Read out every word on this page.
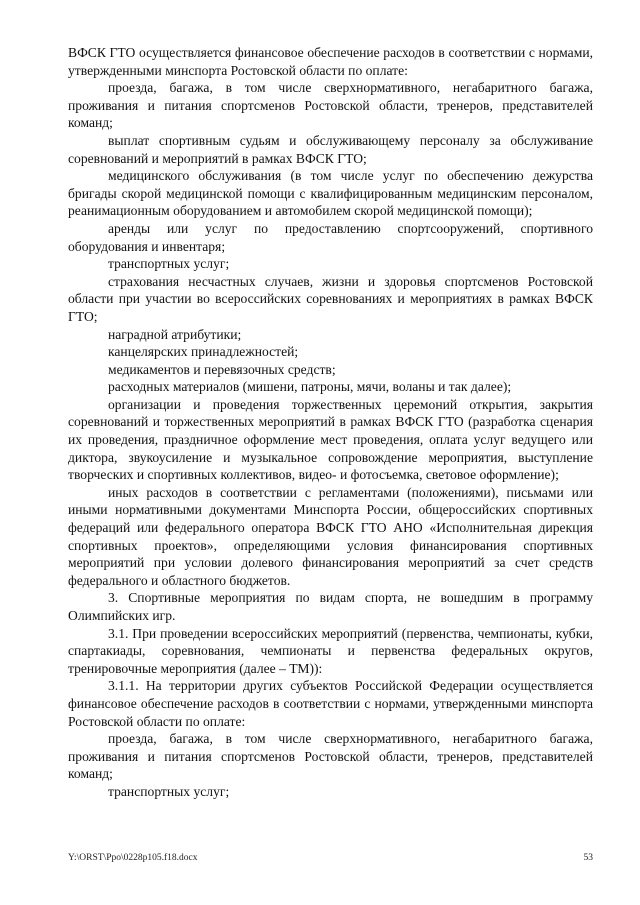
ВФСК ГТО осуществляется финансовое обеспечение расходов в соответствии с нормами, утвержденными минспорта Ростовской области по оплате:

проезда, багажа, в том числе сверхнормативного, негабаритного багажа, проживания и питания спортсменов Ростовской области, тренеров, представителей команд;

выплат спортивным судьям и обслуживающему персоналу за обслуживание соревнований и мероприятий в рамках ВФСК ГТО;

медицинского обслуживания (в том числе услуг по обеспечению дежурства бригады скорой медицинской помощи с квалифицированным медицинским персоналом, реанимационным оборудованием и автомобилем скорой медицинской помощи);

аренды или услуг по предоставлению спортсооружений, спортивного оборудования и инвентаря;

транспортных услуг;

страхования несчастных случаев, жизни и здоровья спортсменов Ростовской области при участии во всероссийских соревнованиях и мероприятиях в рамках ВФСК ГТО;

наградной атрибутики;

канцелярских принадлежностей;

медикаментов и перевязочных средств;

расходных материалов (мишени, патроны, мячи, воланы и так далее);

организации и проведения торжественных церемоний открытия, закрытия соревнований и торжественных мероприятий в рамках ВФСК ГТО (разработка сценария их проведения, праздничное оформление мест проведения, оплата услуг ведущего или диктора, звукоусиление и музыкальное сопровождение мероприятия, выступление творческих и спортивных коллективов, видео- и фотосъемка, световое оформление);

иных расходов в соответствии с регламентами (положениями), письмами или иными нормативными документами Минспорта России, общероссийских спортивных федераций или федерального оператора ВФСК ГТО АНО «Исполнительная дирекция спортивных проектов», определяющими условия финансирования спортивных мероприятий при условии долевого финансирования мероприятий за счет средств федерального и областного бюджетов.

3. Спортивные мероприятия по видам спорта, не вошедшим в программу Олимпийских игр.

3.1. При проведении всероссийских мероприятий (первенства, чемпионаты, кубки, спартакиады, соревнования, чемпионаты и первенства федеральных округов, тренировочные мероприятия (далее – ТМ)):

3.1.1. На территории других субъектов Российской Федерации осуществляется финансовое обеспечение расходов в соответствии с нормами, утвержденными минспорта Ростовской области по оплате:

проезда, багажа, в том числе сверхнормативного, негабаритного багажа, проживания и питания спортсменов Ростовской области, тренеров, представителей команд;

транспортных услуг;

Y:\ORST\Ppo\0228p105.f18.docx	53
